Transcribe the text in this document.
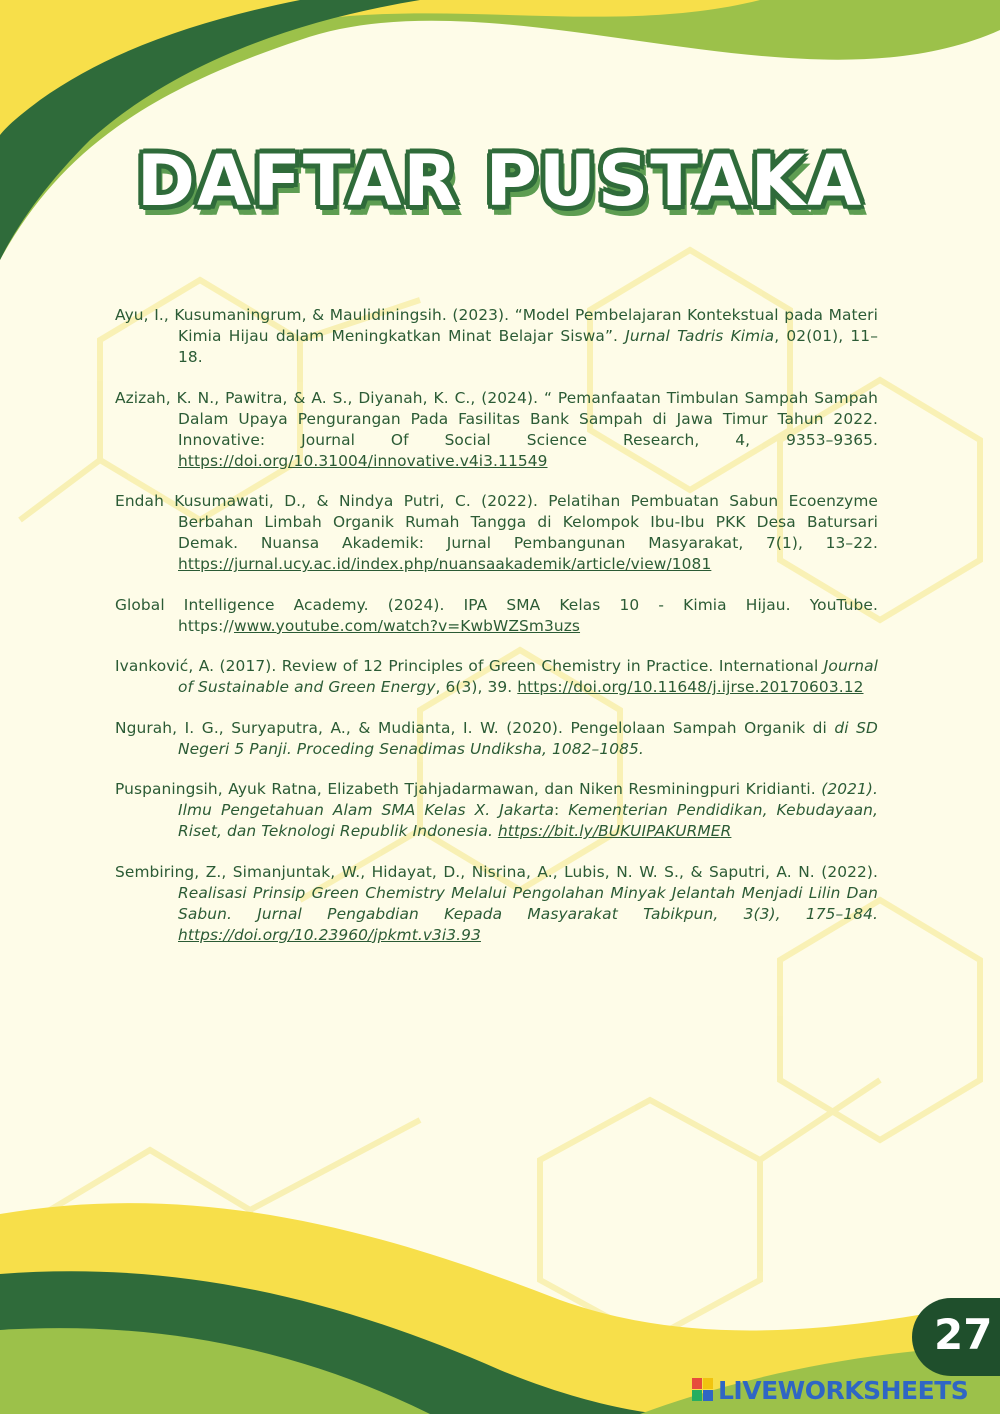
DAFTAR PUSTAKA

Ayu, I., Kusumaningrum, & Maulidiningsih. (2023). “Model Pembelajaran Kontekstual pada Materi Kimia Hijau dalam Meningkatkan Minat Belajar Siswa”. Jurnal Tadris Kimia, 02(01), 11–18.

Azizah, K. N., Pawitra, & A. S., Diyanah, K. C., (2024). “ Pemanfaatan Timbulan Sampah Sampah Dalam Upaya Pengurangan Pada Fasilitas Bank Sampah di Jawa Timur Tahun 2022. Innovative: Journal Of Social Science Research, 4, 9353–9365. https://doi.org/10.31004/innovative.v4i3.11549

Endah Kusumawati, D., & Nindya Putri, C. (2022). Pelatihan Pembuatan Sabun Ecoenzyme Berbahan Limbah Organik Rumah Tangga di Kelompok Ibu-Ibu PKK Desa Batursari Demak. Nuansa Akademik: Jurnal Pembangunan Masyarakat, 7(1), 13–22. https://jurnal.ucy.ac.id/index.php/nuansaakademik/article/view/1081

Global Intelligence Academy. (2024). IPA SMA Kelas 10 - Kimia Hijau. YouTube. https://www.youtube.com/watch?v=KwbWZSm3uzs

Ivanković, A. (2017). Review of 12 Principles of Green Chemistry in Practice. International Journal of Sustainable and Green Energy, 6(3), 39. https://doi.org/10.11648/j.ijrse.20170603.12

Ngurah, I. G., Suryaputra, A., & Mudianta, I. W. (2020). Pengelolaan Sampah Organik di di SD Negeri 5 Panji. Proceding Senadimas Undiksha, 1082–1085.

Puspaningsih, Ayuk Ratna, Elizabeth Tjahjadarmawan, dan Niken Resminingpuri Kridianti. (2021). Ilmu Pengetahuan Alam SMA Kelas X. Jakarta: Kementerian Pendidikan, Kebudayaan, Riset, dan Teknologi Republik Indonesia. https://bit.ly/BUKUIPAKURMER

Sembiring, Z., Simanjuntak, W., Hidayat, D., Nisrina, A., Lubis, N. W. S., & Saputri, A. N. (2022). Realisasi Prinsip Green Chemistry Melalui Pengolahan Minyak Jelantah Menjadi Lilin Dan Sabun. Jurnal Pengabdian Kepada Masyarakat Tabikpun, 3(3), 175–184. https://doi.org/10.23960/jpkmt.v3i3.93

27
LIVEWORKSHEETS
